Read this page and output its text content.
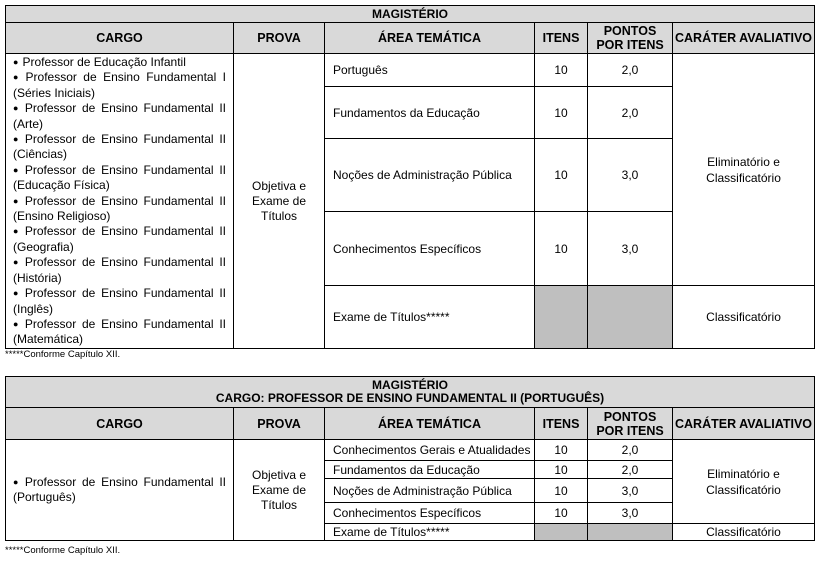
MAGISTÉRIO					
CARGO	PROVA	ÁREA TEMÁTICA	ITENS	PONTOS POR ITENS	CARÁTER AVALIATIVO

● Professor de Educação Infantil
● Professor de Ensino Fundamental I (Séries Iniciais)
● Professor de Ensino Fundamental II (Arte)
● Professor de Ensino Fundamental II (Ciências)
● Professor de Ensino Fundamental II (Educação Física)
● Professor de Ensino Fundamental II (Ensino Religioso)
● Professor de Ensino Fundamental II (Geografia)
● Professor de Ensino Fundamental II (História)
● Professor de Ensino Fundamental II (Inglês)
● Professor de Ensino Fundamental II (Matemática)
	Objetiva e Exame de Títulos	Português	10	2,0	Eliminatório e Classificatório
		Fundamentos da Educação	10	2,0	
		Noções de Administração Pública	10	3,0	
		Conhecimentos Específicos	10	3,0	
		Exame de Títulos*****			Classificatório
*****Conforme Capítulo XII.
MAGISTÉRIO
CARGO: PROFESSOR DE ENSINO FUNDAMENTAL II (PORTUGUÊS)					

CARGO	PROVA	ÁREA TEMÁTICA	ITENS	PONTOS POR ITENS	CARÁTER AVALIATIVO

● Professor de Ensino Fundamental II (Português)	Objetiva e Exame de Títulos	Conhecimentos Gerais e Atualidades	10	2,0	Eliminatório e Classificatório
		Fundamentos da Educação	10	2,0	
		Noções de Administração Pública	10	3,0	
		Conhecimentos Específicos	10	3,0	
		Exame de Títulos*****			Classificatório
*****Conforme Capítulo XII.
